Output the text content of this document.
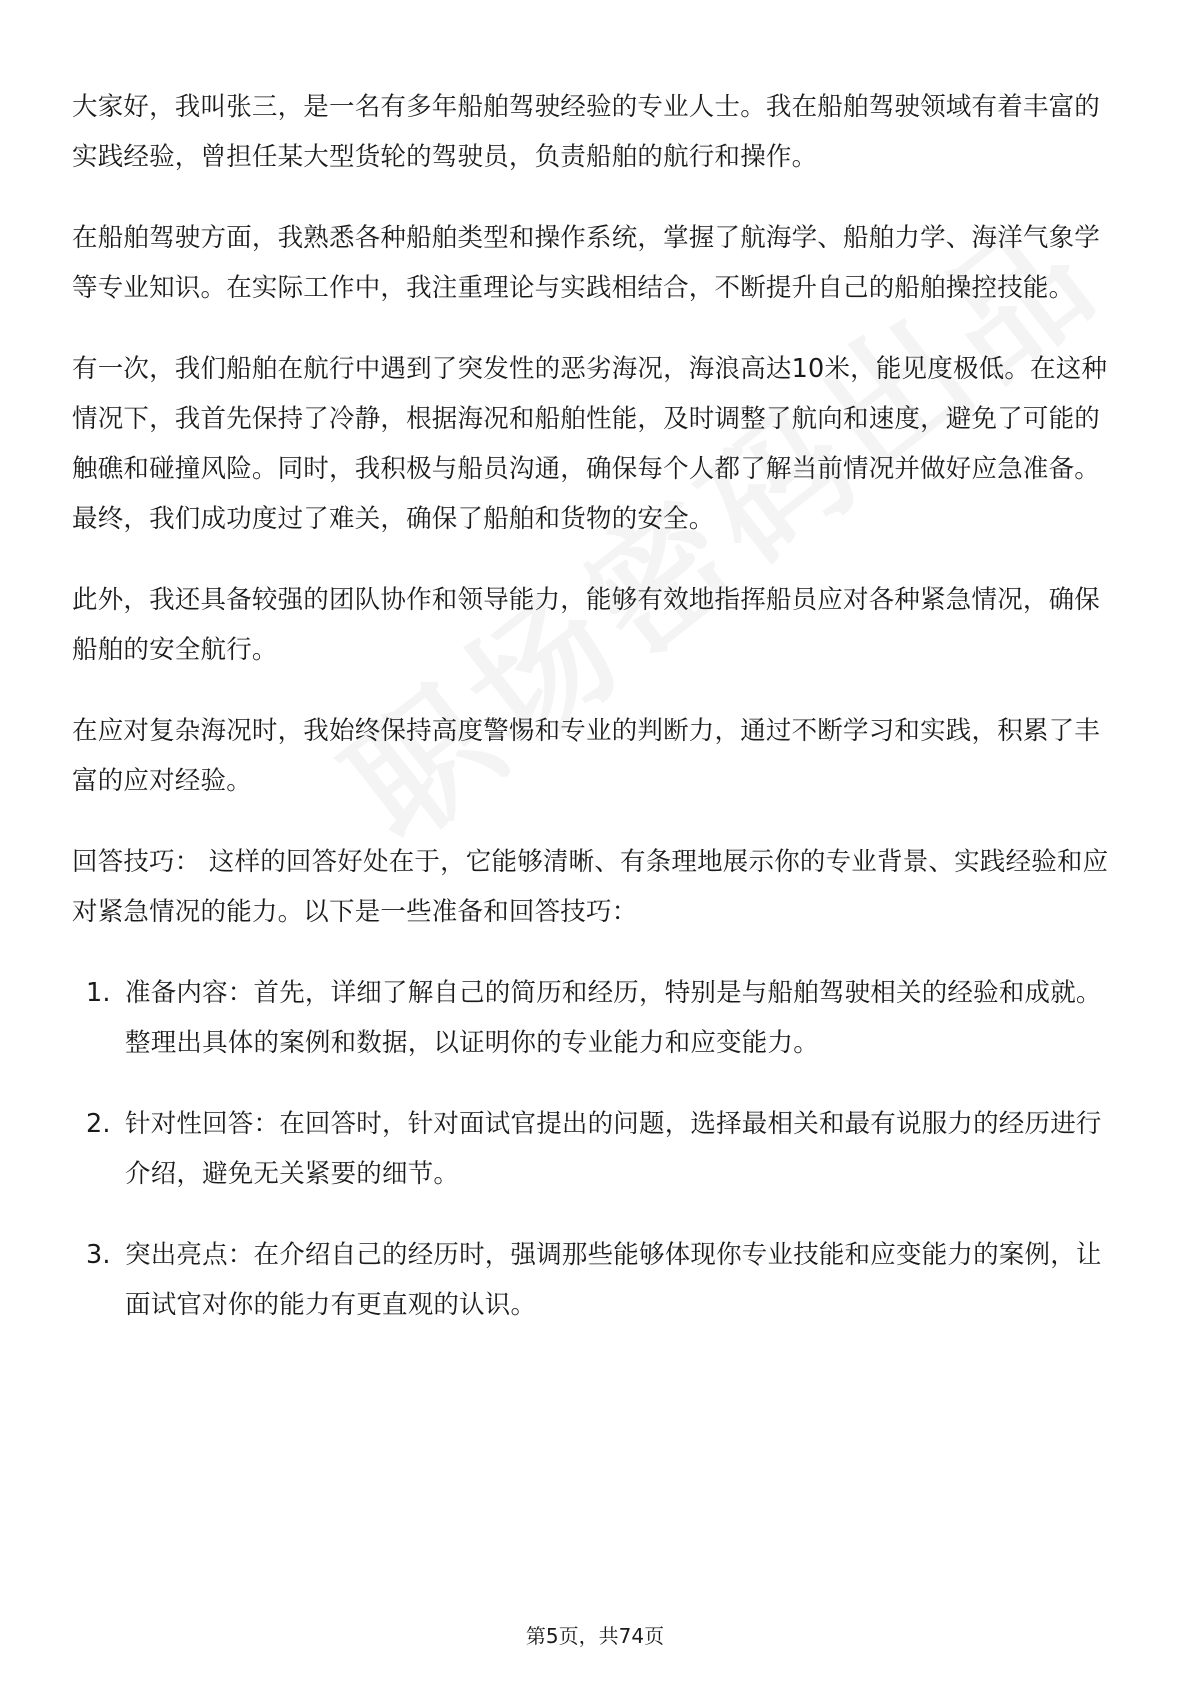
大家好，我叫张三，是一名有多年船舶驾驶经验的专业人士。我在船舶驾驶领域有着丰富的实践经验，曾担任某大型货轮的驾驶员，负责船舶的航行和操作。

在船舶驾驶方面，我熟悉各种船舶类型和操作系统，掌握了航海学、船舶力学、海洋气象学等专业知识。在实际工作中，我注重理论与实践相结合，不断提升自己的船舶操控技能。

有一次，我们船舶在航行中遇到了突发性的恶劣海况，海浪高达10米，能见度极低。在这种情况下，我首先保持了冷静，根据海况和船舶性能，及时调整了航向和速度，避免了可能的触礁和碰撞风险。同时，我积极与船员沟通，确保每个人都了解当前情况并做好应急准备。最终，我们成功度过了难关，确保了船舶和货物的安全。

此外，我还具备较强的团队协作和领导能力，能够有效地指挥船员应对各种紧急情况，确保船舶的安全航行。

在应对复杂海况时，我始终保持高度警惕和专业的判断力，通过不断学习和实践，积累了丰富的应对经验。

回答技巧： 这样的回答好处在于，它能够清晰、有条理地展示你的专业背景、实践经验和应对紧急情况的能力。以下是一些准备和回答技巧：

1. 准备内容：首先，详细了解自己的简历和经历，特别是与船舶驾驶相关的经验和成就。整理出具体的案例和数据，以证明你的专业能力和应变能力。
2. 针对性回答：在回答时，针对面试官提出的问题，选择最相关和最有说服力的经历进行介绍，避免无关紧要的细节。
3. 突出亮点：在介绍自己的经历时，强调那些能够体现你专业技能和应变能力的案例，让面试官对你的能力有更直观的认识。
第5页，共74页
